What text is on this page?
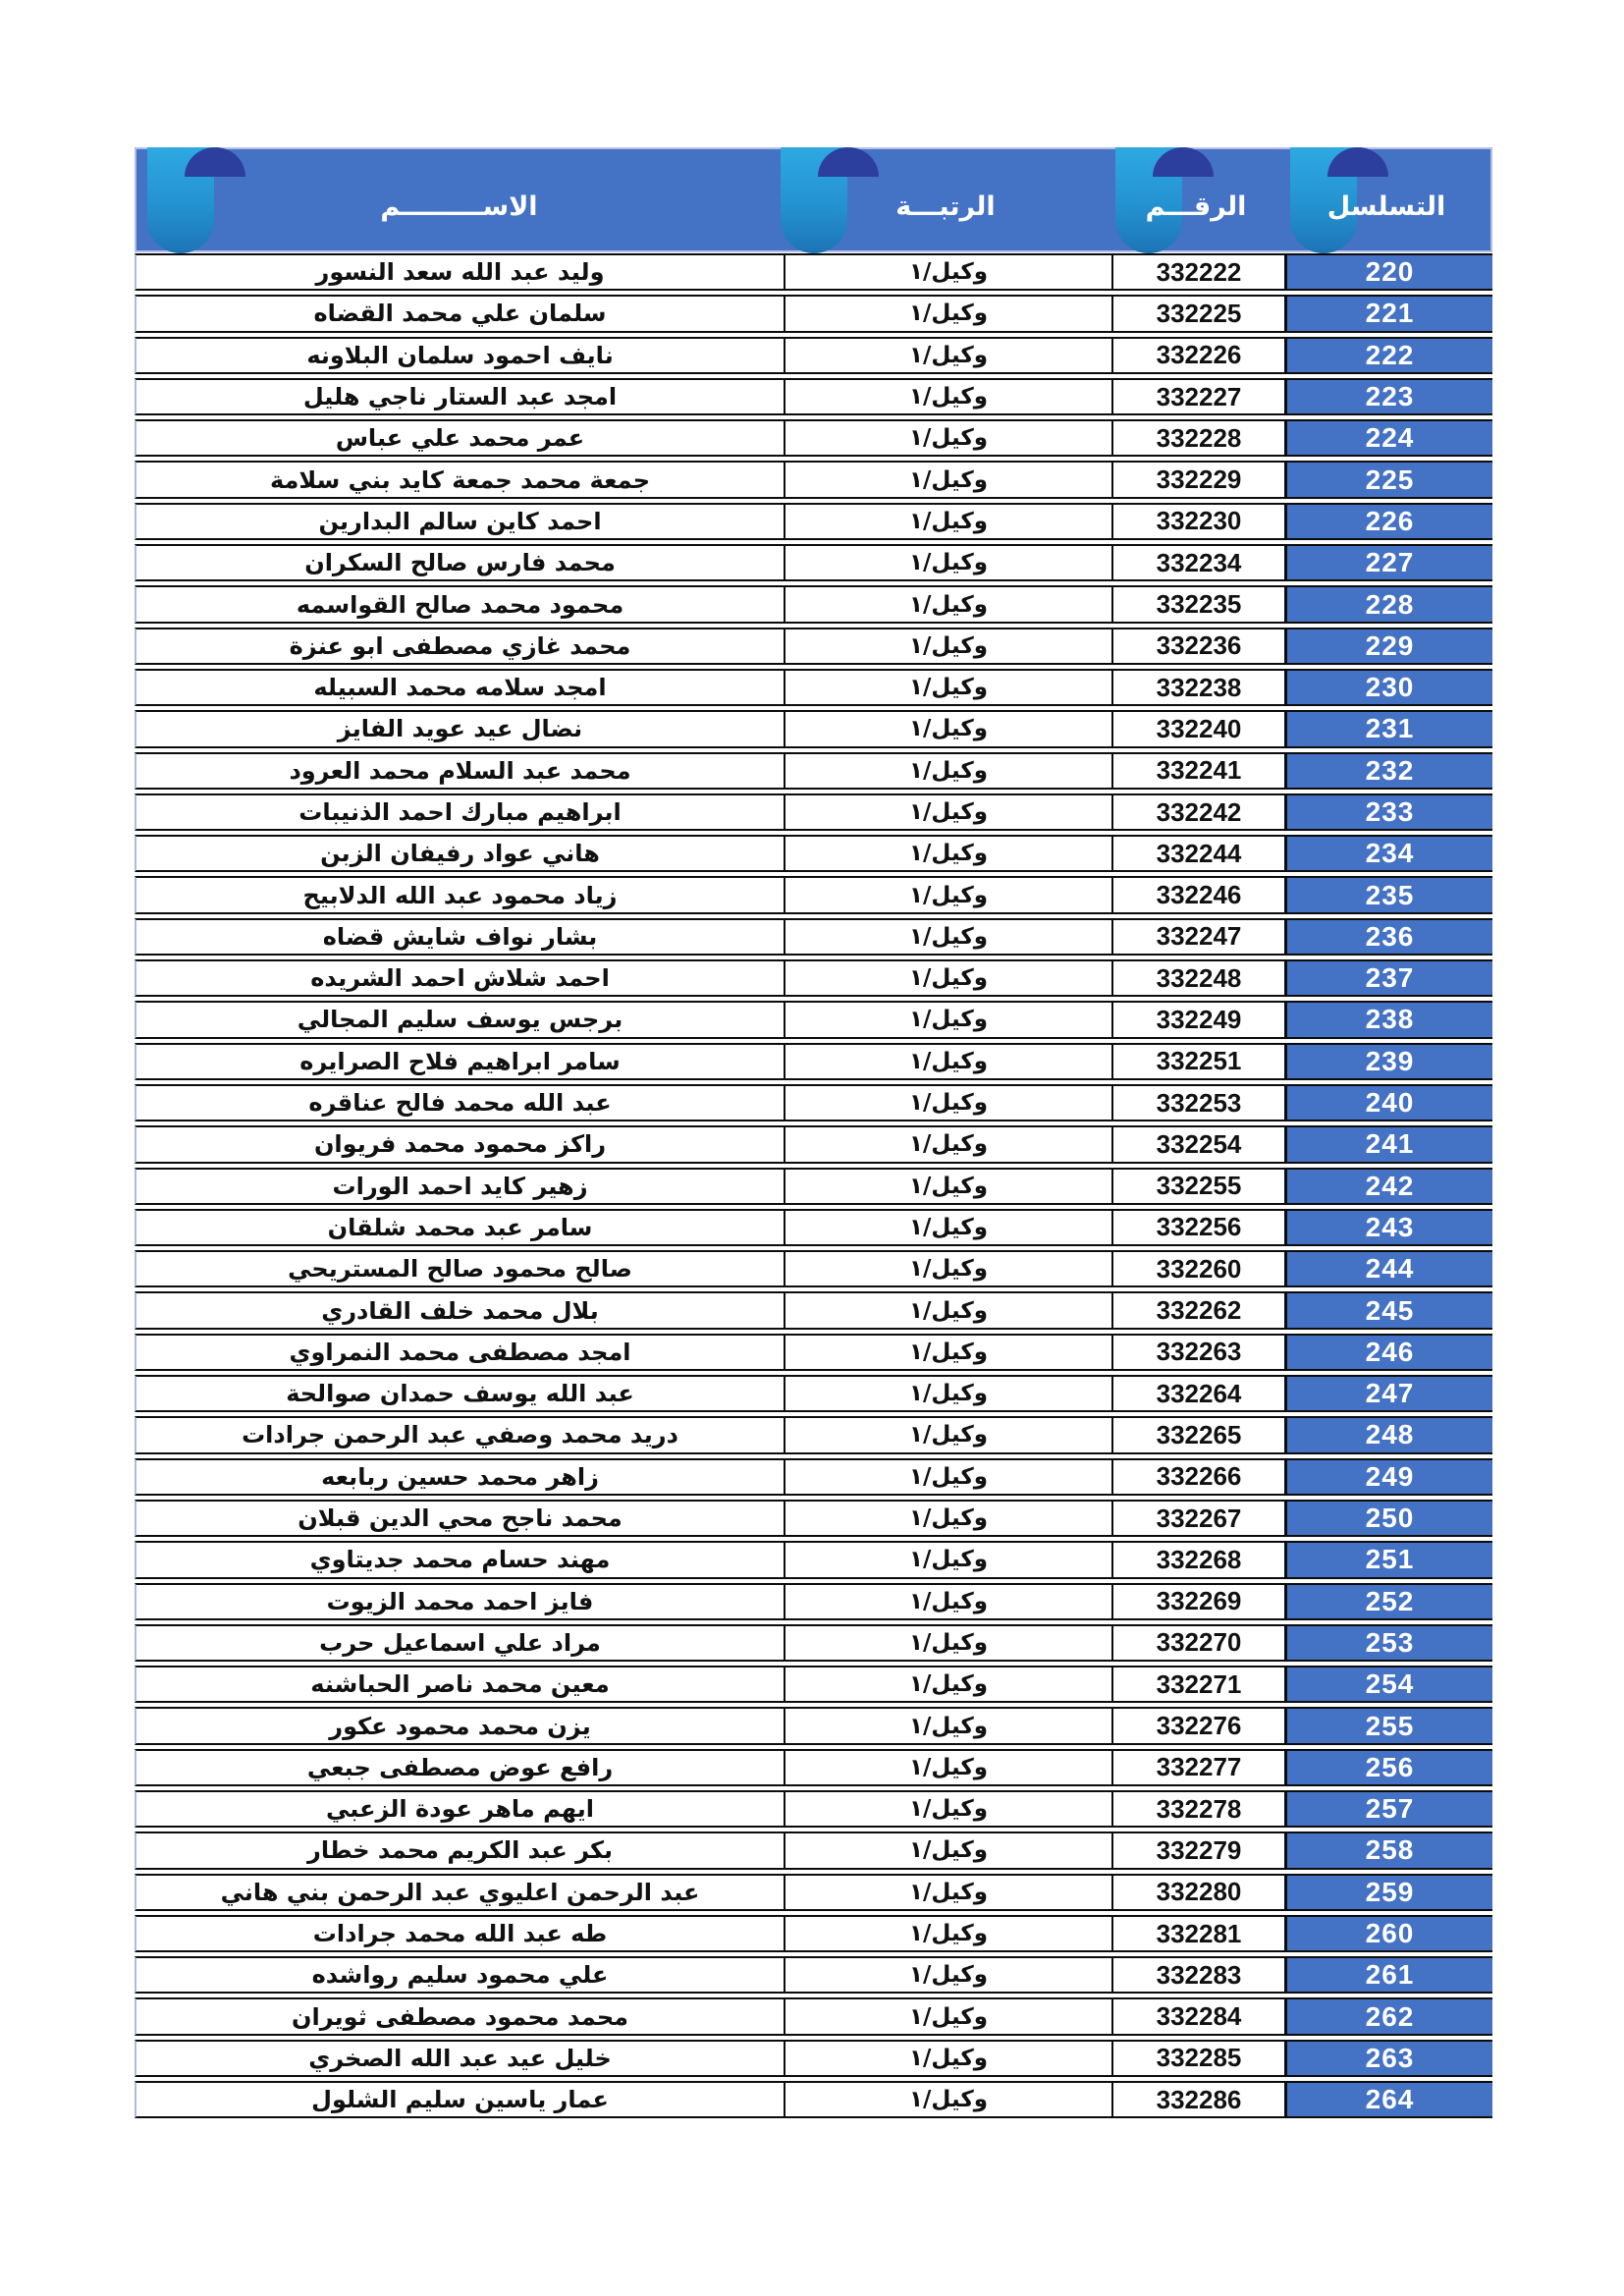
التسلسل
الرقـــم
الرتبـــة
الاســـــــــم
220
332222
وكيل/١
وليد عبد الله سعد النسور
221
332225
وكيل/١
سلمان علي محمد القضاه
222
332226
وكيل/١
نايف احمود سلمان البلاونه
223
332227
وكيل/١
امجد عبد الستار ناجي هليل
224
332228
وكيل/١
عمر محمد علي عباس
225
332229
وكيل/١
جمعة محمد جمعة كايد بني سلامة
226
332230
وكيل/١
احمد كاين سالم البدارين
227
332234
وكيل/١
محمد فارس صالح السكران
228
332235
وكيل/١
محمود محمد صالح القواسمه
229
332236
وكيل/١
محمد غازي مصطفى ابو عنزة
230
332238
وكيل/١
امجد سلامه محمد السبيله
231
332240
وكيل/١
نضال عيد عويد الفايز
232
332241
وكيل/١
محمد عبد السلام محمد العرود
233
332242
وكيل/١
ابراهيم مبارك احمد الذنيبات
234
332244
وكيل/١
هاني عواد رفيفان الزبن
235
332246
وكيل/١
زياد محمود عبد الله الدلابيح
236
332247
وكيل/١
بشار نواف شايش قضاه
237
332248
وكيل/١
احمد شلاش احمد الشريده
238
332249
وكيل/١
برجس يوسف سليم المجالي
239
332251
وكيل/١
سامر ابراهيم فلاح الصرايره
240
332253
وكيل/١
عبد الله محمد فالح عناقره
241
332254
وكيل/١
راكز محمود محمد فريوان
242
332255
وكيل/١
زهير كايد احمد الورات
243
332256
وكيل/١
سامر عبد محمد شلقان
244
332260
وكيل/١
صالح محمود صالح المستريحي
245
332262
وكيل/١
بلال محمد خلف القادري
246
332263
وكيل/١
امجد مصطفى محمد النمراوي
247
332264
وكيل/١
عبد الله يوسف حمدان صوالحة
248
332265
وكيل/١
دريد محمد وصفي عبد الرحمن جرادات
249
332266
وكيل/١
زاهر محمد حسين ربابعه
250
332267
وكيل/١
محمد ناجح محي الدين قبلان
251
332268
وكيل/١
مهند حسام محمد جديتاوي
252
332269
وكيل/١
فايز احمد محمد الزيوت
253
332270
وكيل/١
مراد علي اسماعيل حرب
254
332271
وكيل/١
معين محمد ناصر الحباشنه
255
332276
وكيل/١
يزن محمد محمود عكور
256
332277
وكيل/١
رافع عوض مصطفى جبعي
257
332278
وكيل/١
ايهم ماهر عودة الزعبي
258
332279
وكيل/١
بكر عبد الكريم محمد خطار
259
332280
وكيل/١
عبد الرحمن اعليوي عبد الرحمن بني هاني
260
332281
وكيل/١
طه عبد الله محمد جرادات
261
332283
وكيل/١
علي محمود سليم رواشده
262
332284
وكيل/١
محمد محمود مصطفى ثويران
263
332285
وكيل/١
خليل عيد عبد الله الصخري
264
332286
وكيل/١
عمار ياسين سليم الشلول
